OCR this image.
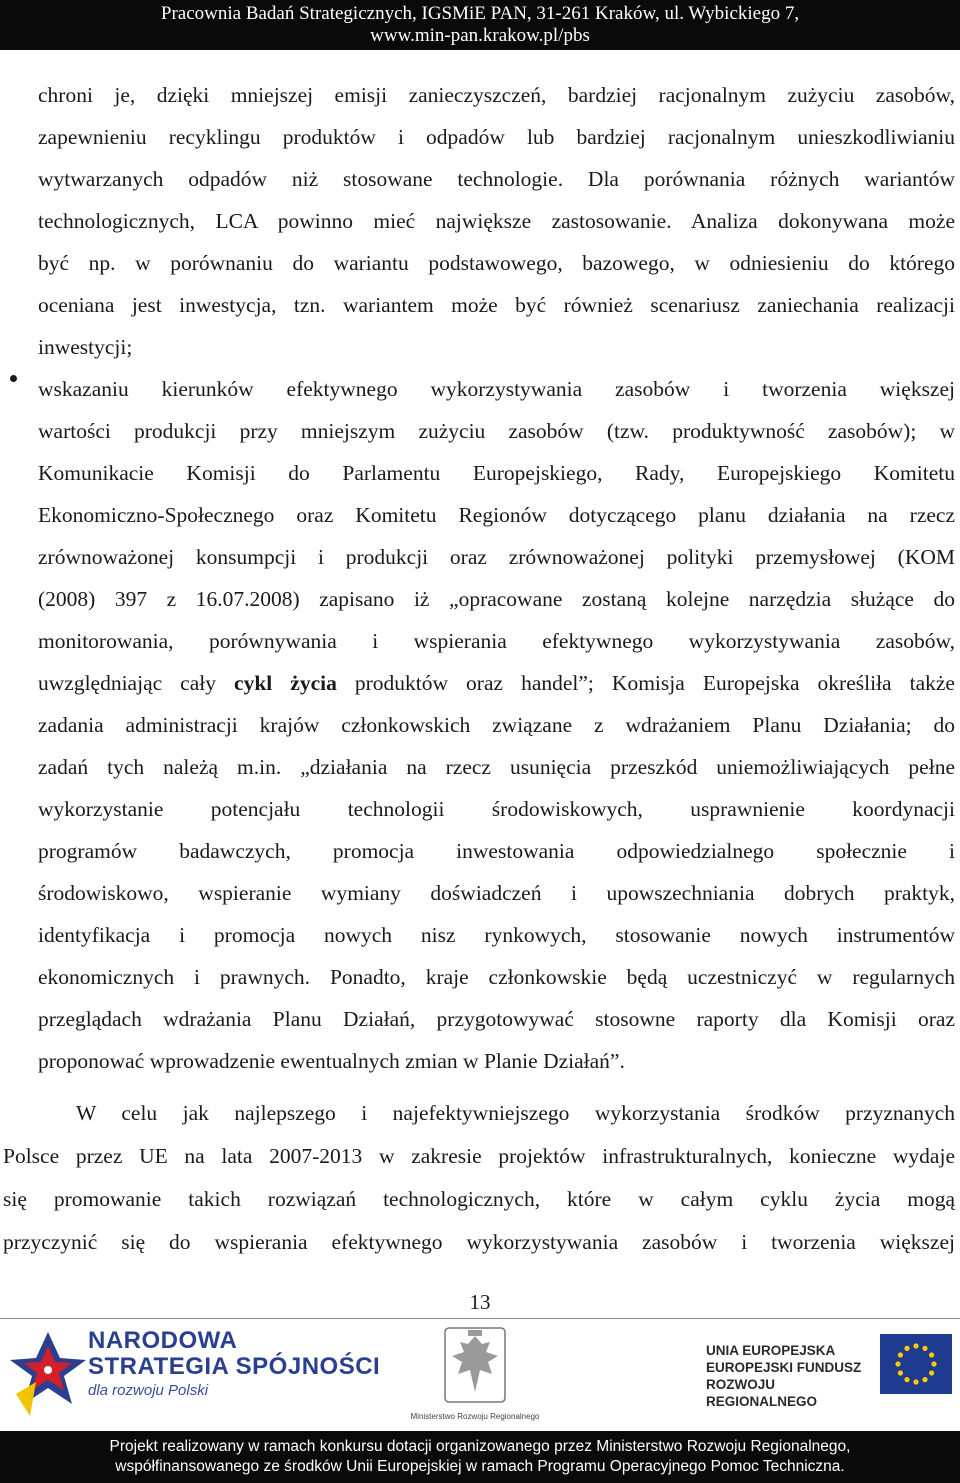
Pracownia Badań Strategicznych, IGSMiE PAN, 31-261 Kraków, ul. Wybickiego 7,
www.min-pan.krakow.pl/pbs
chroni je, dzięki mniejszej emisji zanieczyszczeń, bardziej racjonalnym zużyciu zasobów,
zapewnieniu recyklingu produktów i odpadów lub bardziej racjonalnym unieszkodliwianiu
wytwarzanych odpadów niż stosowane technologie. Dla porównania różnych wariantów
technologicznych, LCA powinno mieć największe zastosowanie. Analiza dokonywana może
być np. w porównaniu do wariantu podstawowego, bazowego, w odniesieniu do którego
oceniana jest inwestycja, tzn. wariantem może być również scenariusz zaniechania realizacji
inwestycji;
wskazaniu kierunków efektywnego wykorzystywania zasobów i tworzenia większej
wartości produkcji przy mniejszym zużyciu zasobów (tzw. produktywność zasobów); w
Komunikacie Komisji do Parlamentu Europejskiego, Rady, Europejskiego Komitetu
Ekonomiczno-Społecznego oraz Komitetu Regionów dotyczącego planu działania na rzecz
zrównoważonej konsumpcji i produkcji oraz zrównoważonej polityki przemysłowej (KOM
(2008) 397 z 16.07.2008) zapisano iż „opracowane zostaną kolejne narzędzia służące do
monitorowania, porównywania i wspierania efektywnego wykorzystywania zasobów,
uwzględniając cały cykl życia produktów oraz handel”; Komisja Europejska określiła także
zadania administracji krajów członkowskich związane z wdrażaniem Planu Działania; do
zadań tych należą m.in. „działania na rzecz usunięcia przeszkód uniemożliwiających pełne
wykorzystanie potencjału technologii środowiskowych, usprawnienie koordynacji
programów badawczych, promocja inwestowania odpowiedzialnego społecznie i
środowiskowo, wspieranie wymiany doświadczeń i upowszechniania dobrych praktyk,
identyfikacja i promocja nowych nisz rynkowych, stosowanie nowych instrumentów
ekonomicznych i prawnych. Ponadto, kraje członkowskie będą uczestniczyć w regularnych
przeglądach wdrażania Planu Działań, przygotowywać stosowne raporty dla Komisji oraz
proponować wprowadzenie ewentualnych zmian w Planie Działań”.
W celu jak najlepszego i najefektywniejszego wykorzystania środków przyznanych
Polsce przez UE na lata 2007-2013 w zakresie projektów infrastrukturalnych, konieczne wydaje
się promowanie takich rozwiązań technologicznych, które w całym cyklu życia mogą
przyczynić się do wspierania efektywnego wykorzystywania zasobów i tworzenia większej
13
NARODOWA
STRATEGIA SPÓJNOŚCI
dla rozwoju Polski
Ministerstwo Rozwoju Regionalnego
UNIA EUROPEJSKA
EUROPEJSKI FUNDUSZ
ROZWOJU REGIONALNEGO
Projekt realizowany w ramach konkursu dotacji organizowanego przez Ministerstwo Rozwoju Regionalnego,
współfinansowanego ze środków Unii Europejskiej w ramach Programu Operacyjnego Pomoc Techniczna.
